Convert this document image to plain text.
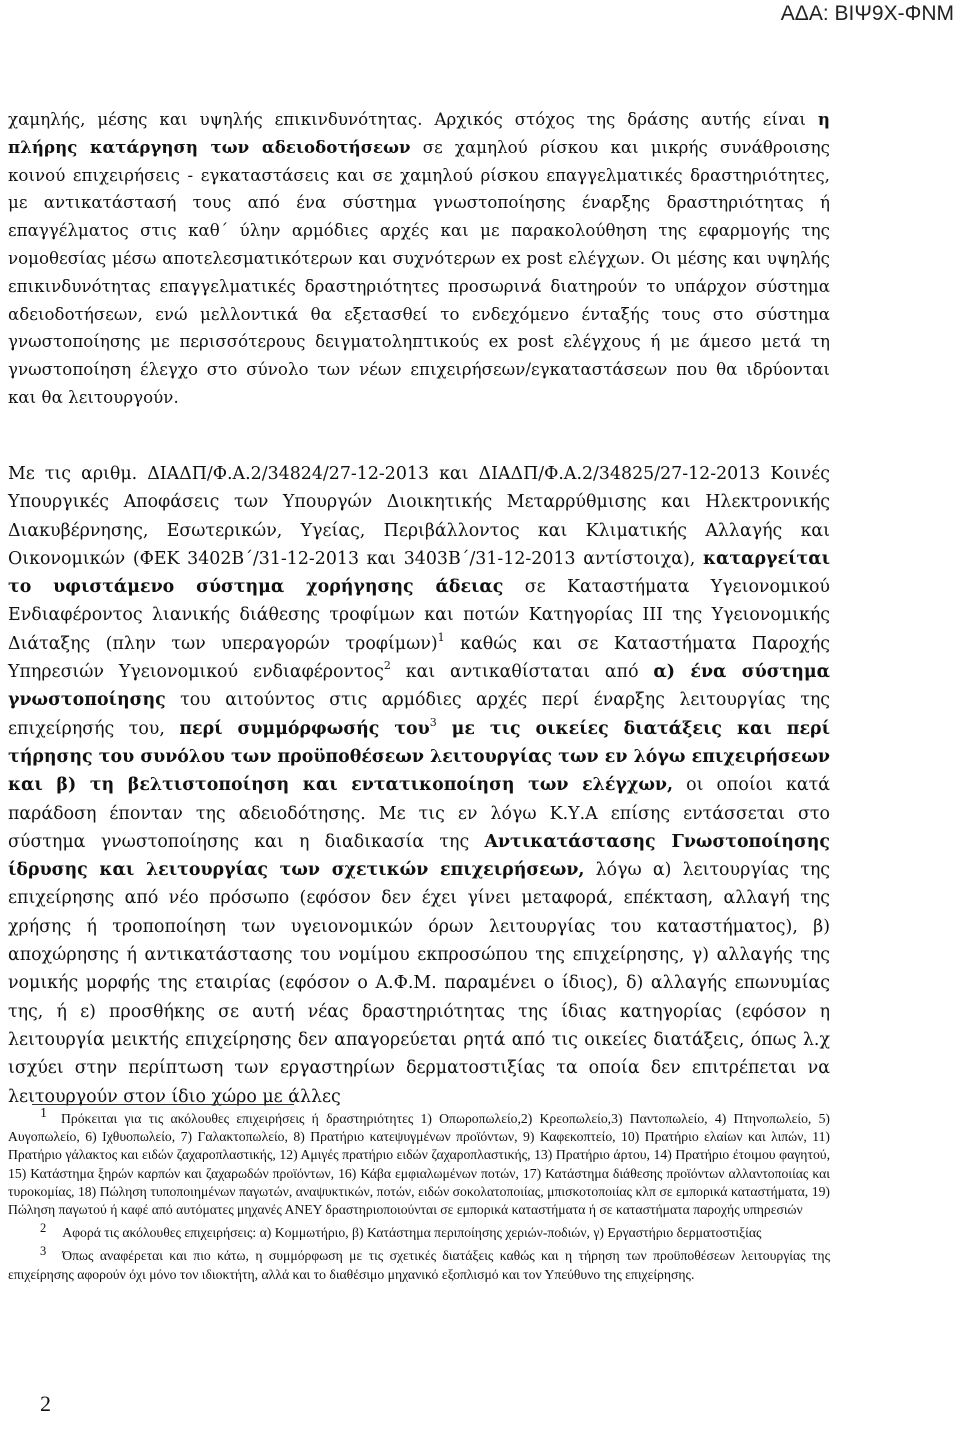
ΑΔΑ: ΒΙΨ9Χ-ΦΝΜ
χαμηλής, μέσης και υψηλής επικινδυνότητας. Αρχικός στόχος της δράσης αυτής είναι η πλήρης κατάργηση των αδειοδοτήσεων σε χαμηλού ρίσκου και μικρής συνάθροισης κοινού επιχειρήσεις - εγκαταστάσεις και σε χαμηλού ρίσκου επαγγελματικές δραστηριότητες, με αντικατάστασή τους από ένα σύστημα γνωστοποίησης έναρξης δραστηριότητας ή επαγγέλματος στις καθ΄ ύλην αρμόδιες αρχές και με παρακολούθηση της εφαρμογής της νομοθεσίας μέσω αποτελεσματικότερων και συχνότερων ex post ελέγχων. Οι μέσης και υψηλής επικινδυνότητας επαγγελματικές δραστηριότητες προσωρινά διατηρούν το υπάρχον σύστημα αδειοδοτήσεων, ενώ μελλοντικά θα εξετασθεί το ενδεχόμενο ένταξής τους στο σύστημα γνωστοποίησης με περισσότερους δειγματοληπτικούς ex post ελέγχους ή με άμεσο μετά τη γνωστοποίηση έλεγχο στο σύνολο των νέων επιχειρήσεων/εγκαταστάσεων που θα ιδρύονται και θα λειτουργούν.
Με τις αριθμ. ΔΙΑΔΠ/Φ.Α.2/34824/27-12-2013 και ΔΙΑΔΠ/Φ.Α.2/34825/27-12-2013 Κοινές Υπουργικές Αποφάσεις των Υπουργών Διοικητικής Μεταρρύθμισης και Ηλεκτρονικής Διακυβέρνησης, Εσωτερικών, Υγείας, Περιβάλλοντος και Κλιματικής Αλλαγής και Οικονομικών (ΦΕΚ 3402Β΄/31-12-2013 και 3403Β΄/31-12-2013 αντίστοιχα), καταργείται το υφιστάμενο σύστημα χορήγησης άδειας σε Καταστήματα Υγειονομικού Ενδιαφέροντος λιανικής διάθεσης τροφίμων και ποτών Κατηγορίας ΙΙΙ της Υγειονομικής Διάταξης (πλην των υπεραγορών τροφίμων)$^1$ καθώς και σε Καταστήματα Παροχής Υπηρεσιών Υγειονομικού ενδιαφέροντος$^2$ και αντικαθίσταται από α) ένα σύστημα γνωστοποίησης του αιτούντος στις αρμόδιες αρχές περί έναρξης λειτουργίας της επιχείρησής του, περί συμμόρφωσής του$^3$ με τις οικείες διατάξεις και περί τήρησης του συνόλου των προϋποθέσεων λειτουργίας των εν λόγω επιχειρήσεων και β) τη βελτιστοποίηση και εντατικοποίηση των ελέγχων, οι οποίοι κατά παράδοση έπονταν της αδειοδότησης. Με τις εν λόγω Κ.Υ.Α επίσης εντάσσεται στο σύστημα γνωστοποίησης και η διαδικασία της Αντικατάστασης Γνωστοποίησης ίδρυσης και λειτουργίας των σχετικών επιχειρήσεων, λόγω α) λειτουργίας της επιχείρησης από νέο πρόσωπο (εφόσον δεν έχει γίνει μεταφορά, επέκταση, αλλαγή της χρήσης ή τροποποίηση των υγειονομικών όρων λειτουργίας του καταστήματος), β) αποχώρησης ή αντικατάστασης του νομίμου εκπροσώπου της επιχείρησης, γ) αλλαγής της νομικής μορφής της εταιρίας (εφόσον ο Α.Φ.Μ. παραμένει ο ίδιος), δ) αλλαγής επωνυμίας της, ή ε) προσθήκης σε αυτή νέας δραστηριότητας της ίδιας κατηγορίας (εφόσον η λειτουργία μεικτής επιχείρησης δεν απαγορεύεται ρητά από τις οικείες διατάξεις, όπως λ.χ ισχύει στην περίπτωση των εργαστηρίων δερματοστιξίας τα οποία δεν επιτρέπεται να λειτουργούν στον ίδιο χώρο με άλλες

1 Πρόκειται για τις ακόλουθες επιχειρήσεις ή δραστηριότητες 1) Οπωροπωλείο,2) Κρεοπωλείο,3) Παντοπωλείο, 4) Πτηνοπωλείο, 5) Αυγοπωλείο, 6) Ιχθυοπωλείο, 7) Γαλακτοπωλείο, 8) Πρατήριο κατεψυγμένων προϊόντων, 9) Καφεκοπτείο, 10) Πρατήριο ελαίων και λιπών, 11) Πρατήριο γάλακτος και ειδών ζαχαροπλαστικής, 12) Αμιγές πρατήριο ειδών ζαχαροπλαστικής, 13) Πρατήριο άρτου, 14) Πρατήριο έτοιμου φαγητού, 15) Κατάστημα ξηρών καρπών και ζαχαρωδών προϊόντων, 16) Κάβα εμφιαλωμένων ποτών, 17) Κατάστημα διάθεσης προϊόντων αλλαντοποιίας και τυροκομίας, 18) Πώληση τυποποιημένων παγωτών, αναψυκτικών, ποτών, ειδών σοκολατοποιίας, μπισκοτοποιίας κλπ σε εμπορικά καταστήματα, 19) Πώληση παγωτού ή καφέ από αυτόματες μηχανές ΑΝΕΥ δραστηριοποιούνται σε εμπορικά καταστήματα ή σε καταστήματα παροχής υπηρεσιών

2 Αφορά τις ακόλουθες επιχειρήσεις: α) Κομμωτήριο, β) Κατάστημα περιποίησης χεριών-ποδιών, γ) Εργαστήριο δερματοστιξίας

3 Όπως αναφέρεται και πιο κάτω, η συμμόρφωση με τις σχετικές διατάξεις καθώς και η τήρηση των προϋποθέσεων λειτουργίας της επιχείρησης αφορούν όχι μόνο τον ιδιοκτήτη, αλλά και το διαθέσιμο μηχανικό εξοπλισμό και τον Υπεύθυνο της επιχείρησης.

2
